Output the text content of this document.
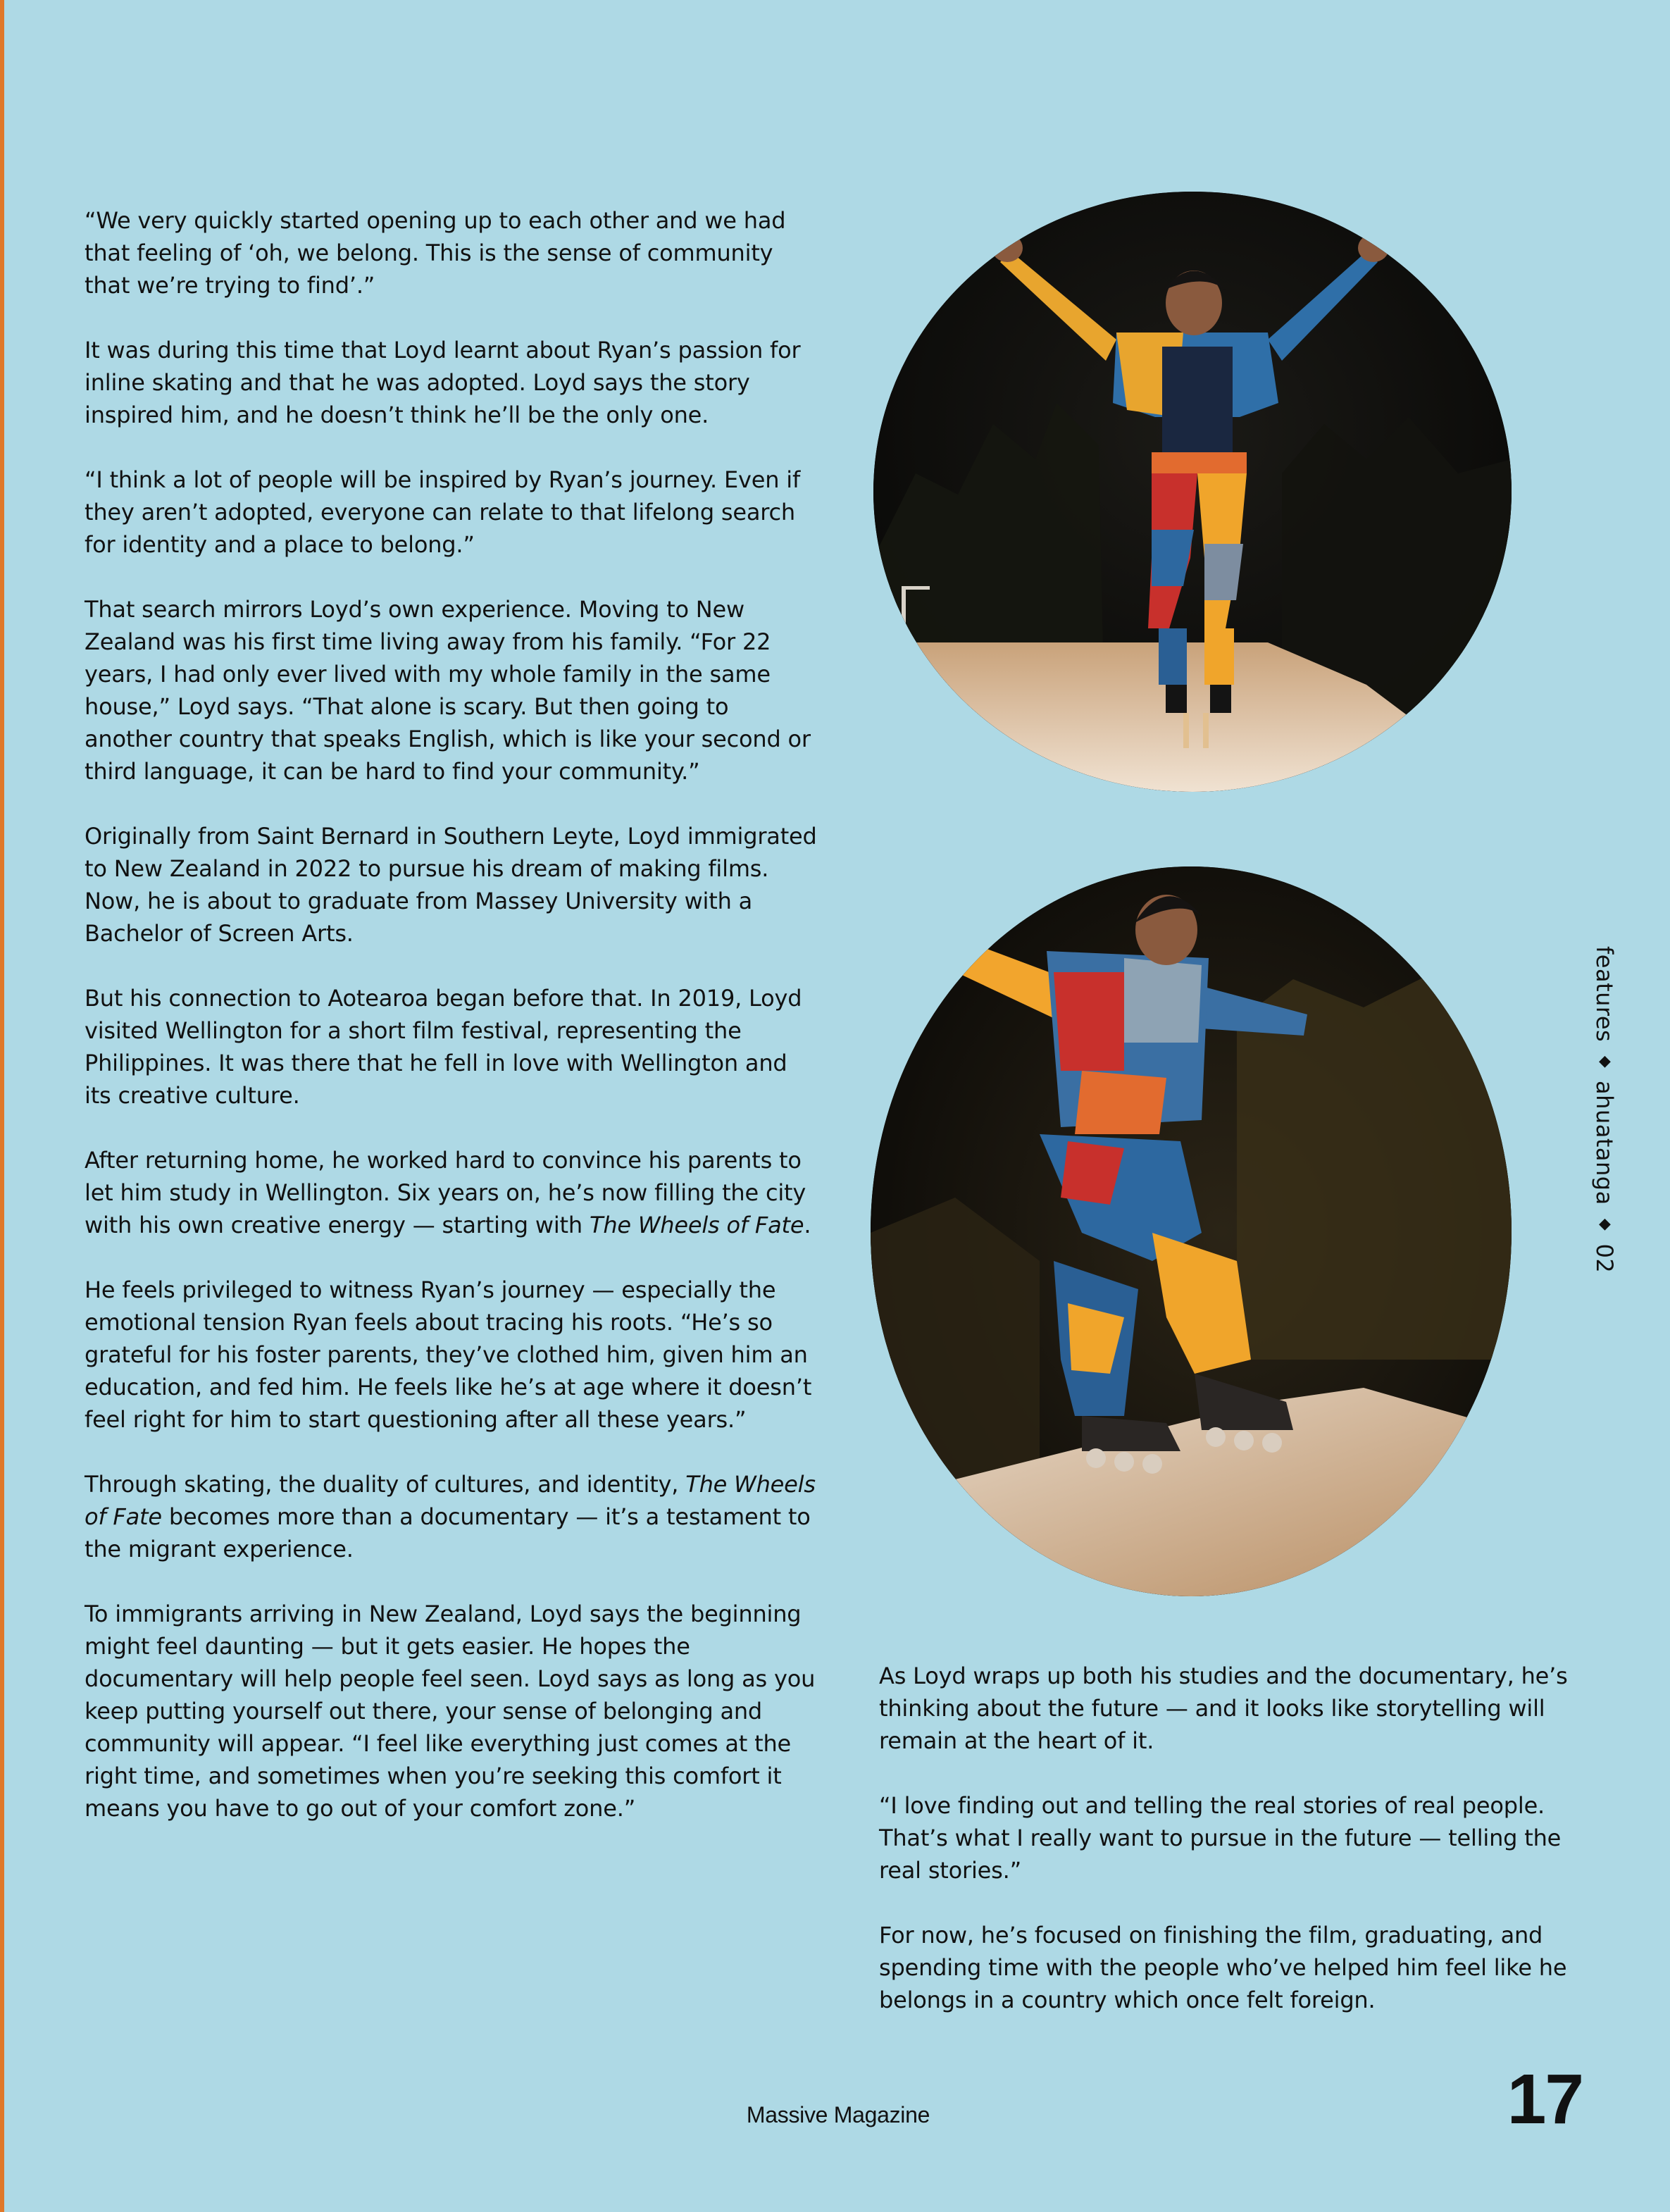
“We very quickly started opening up to each other and we had that feeling of ‘oh, we belong. This is the sense of community that we’re trying to find’.”

It was during this time that Loyd learnt about Ryan’s passion for inline skating and that he was adopted. Loyd says the story inspired him, and he doesn’t think he’ll be the only one.

“I think a lot of people will be inspired by Ryan’s journey. Even if they aren’t adopted, everyone can relate to that lifelong search for identity and a place to belong.”

That search mirrors Loyd’s own experience. Moving to New Zealand was his first time living away from his family. “For 22 years, I had only ever lived with my whole family in the same house,” Loyd says. “That alone is scary. But then going to another country that speaks English, which is like your second or third language, it can be hard to find your community.”

Originally from Saint Bernard in Southern Leyte, Loyd immigrated to New Zealand in 2022 to pursue his dream of making films. Now, he is about to graduate from Massey University with a Bachelor of Screen Arts.

But his connection to Aotearoa began before that. In 2019, Loyd visited Wellington for a short film festival, representing the Philippines. It was there that he fell in love with Wellington and its creative culture.

After returning home, he worked hard to convince his parents to let him study in Wellington. Six years on, he’s now filling the city with his own creative energy — starting with The Wheels of Fate.

He feels privileged to witness Ryan’s journey — especially the emotional tension Ryan feels about tracing his roots. “He’s so grateful for his foster parents, they’ve clothed him, given him an education, and fed him. He feels like he’s at age where it doesn’t feel right for him to start questioning after all these years.”

Through skating, the duality of cultures, and identity, The Wheels of Fate becomes more than a documentary — it’s a testament to the migrant experience.

To immigrants arriving in New Zealand, Loyd says the beginning might feel daunting — but it gets easier. He hopes the documentary will help people feel seen. Loyd says as long as you keep putting yourself out there, your sense of belonging and community will appear. “I feel like everything just comes at the right time, and sometimes when you’re seeking this comfort it means you have to go out of your comfort zone.”

As Loyd wraps up both his studies and the documentary, he’s thinking about the future — and it looks like storytelling will remain at the heart of it.

“I love finding out and telling the real stories of real people. That’s what I really want to pursue in the future — telling the real stories.”

For now, he’s focused on finishing the film, graduating, and spending time with the people who’ve helped him feel like he belongs in a country which once felt foreign.

features ◆ ahuatanga ◆ 02
Massive Magazine	17
